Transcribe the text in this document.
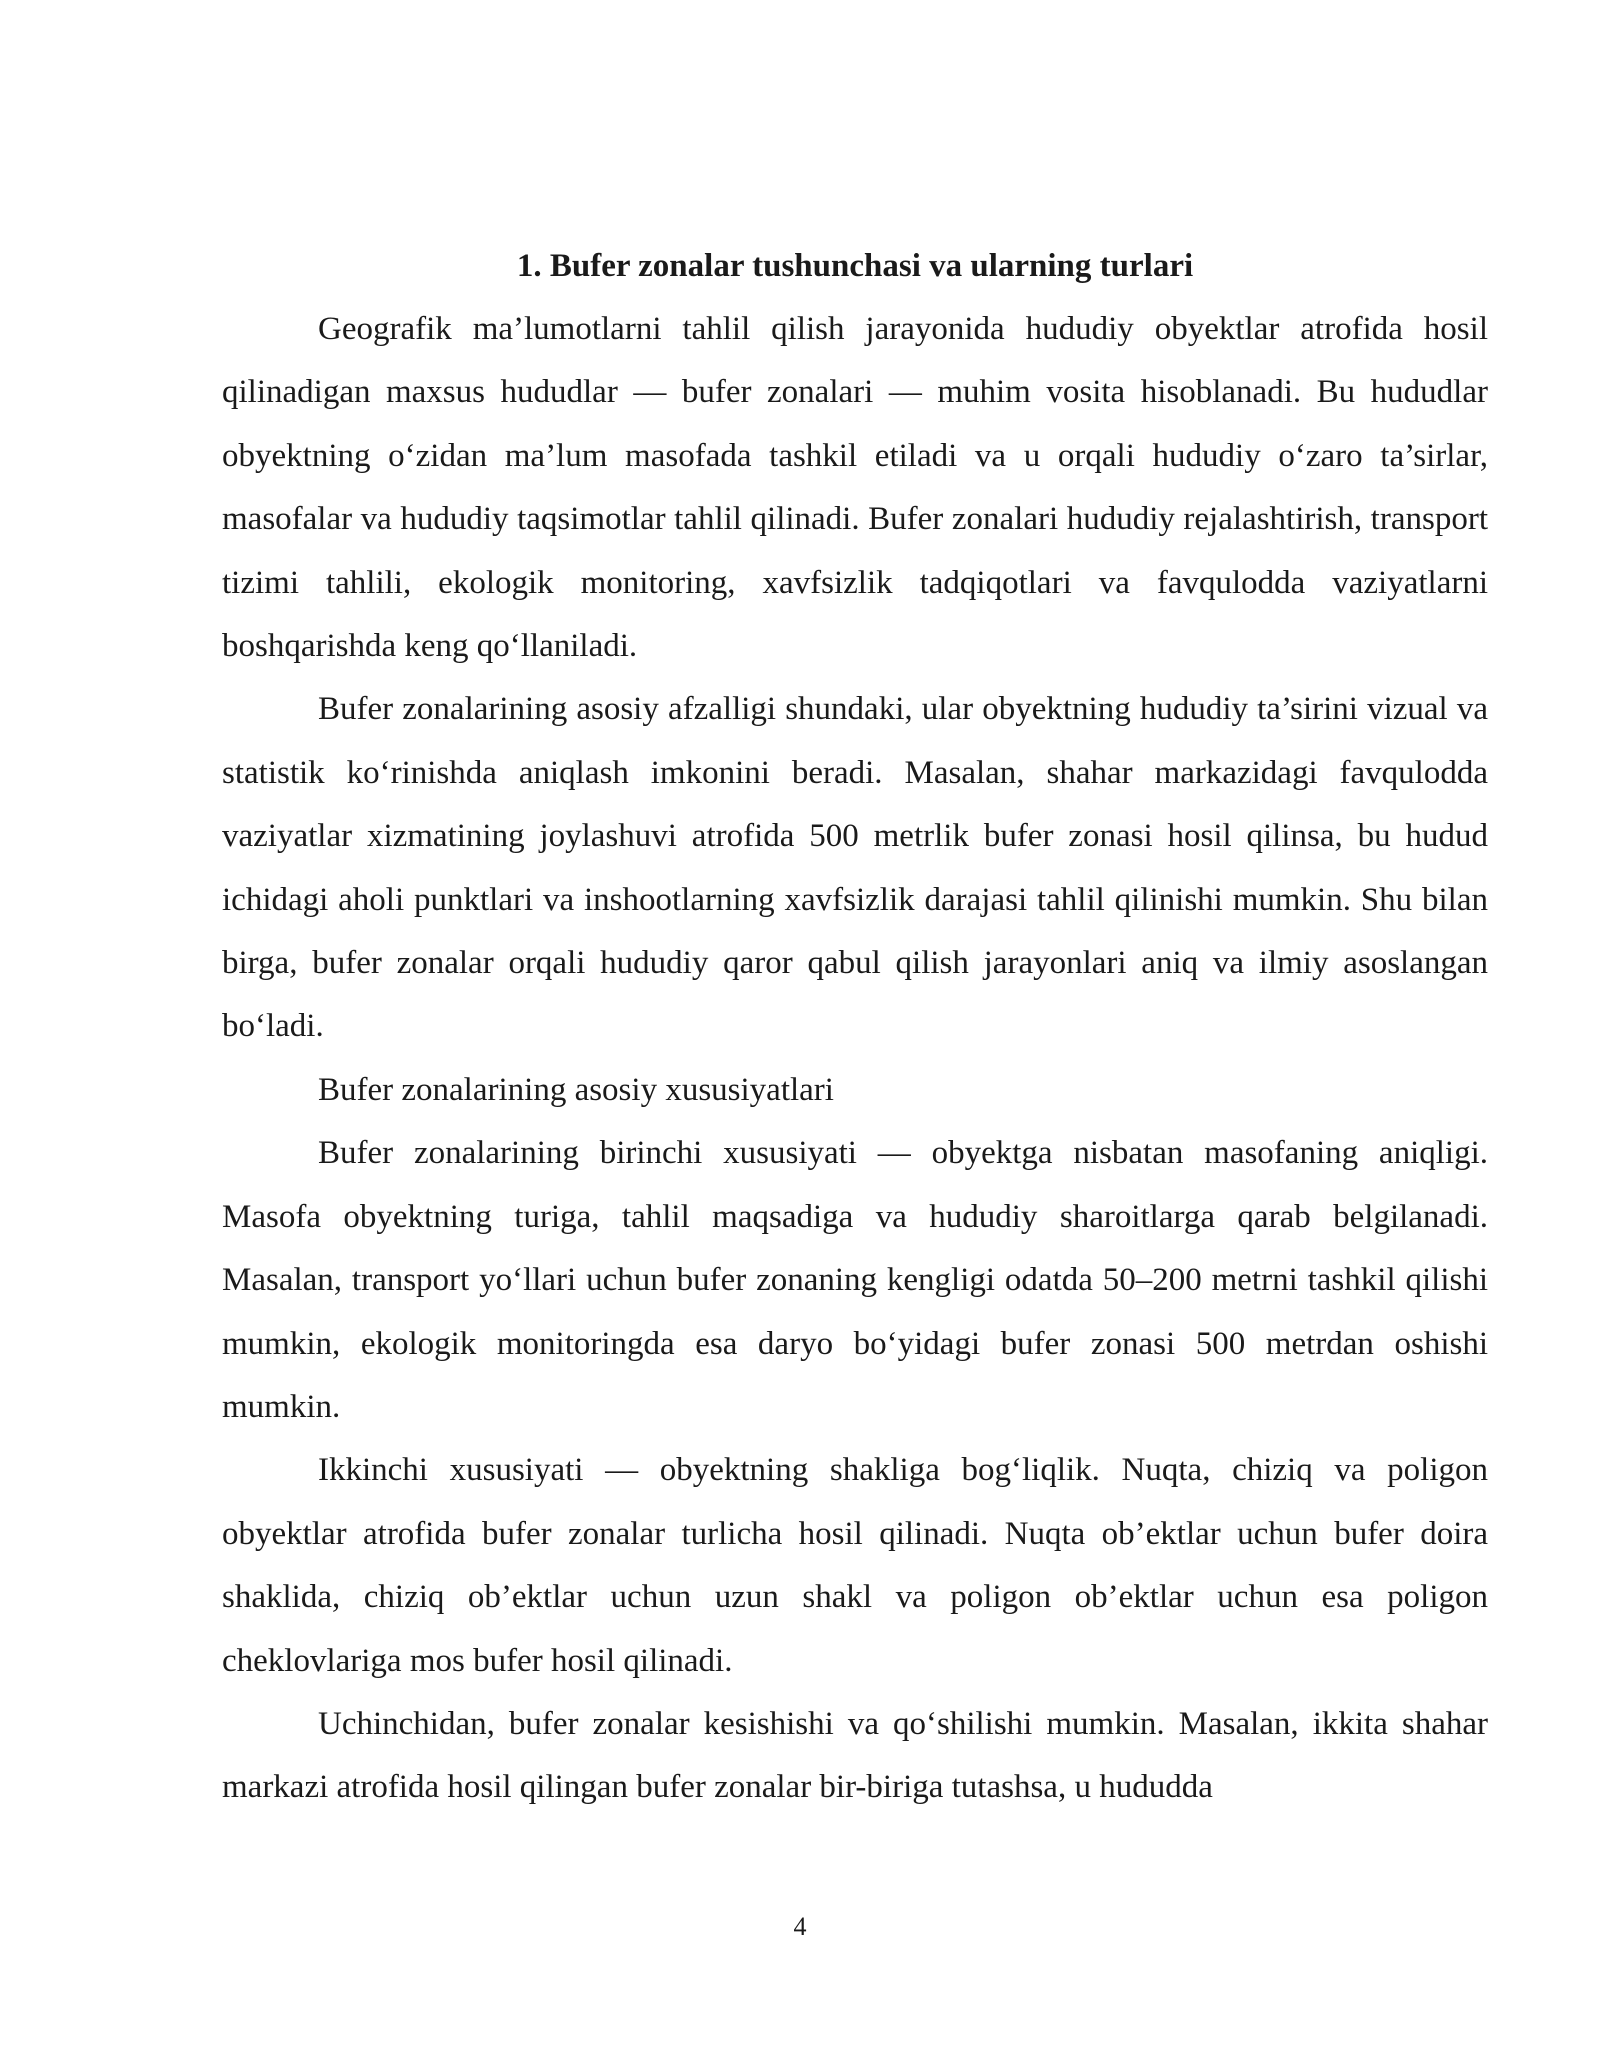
1. Bufer zonalar tushunchasi va ularning turlari

Geografik ma’lumotlarni tahlil qilish jarayonida hududiy obyektlar atrofida hosil qilinadigan maxsus hududlar — bufer zonalari — muhim vosita hisoblanadi. Bu hududlar obyektning o‘zidan ma’lum masofada tashkil etiladi va u orqali hududiy o‘zaro ta’sirlar, masofalar va hududiy taqsimotlar tahlil qilinadi. Bufer zonalari hududiy rejalashtirish, transport tizimi tahlili, ekologik monitoring, xavfsizlik tadqiqotlari va favqulodda vaziyatlarni boshqarishda keng qo‘llaniladi.

Bufer zonalarining asosiy afzalligi shundaki, ular obyektning hududiy ta’sirini vizual va statistik ko‘rinishda aniqlash imkonini beradi. Masalan, shahar markazidagi favqulodda vaziyatlar xizmatining joylashuvi atrofida 500 metrlik bufer zonasi hosil qilinsa, bu hudud ichidagi aholi punktlari va inshootlarning xavfsizlik darajasi tahlil qilinishi mumkin. Shu bilan birga, bufer zonalar orqali hududiy qaror qabul qilish jarayonlari aniq va ilmiy asoslangan bo‘ladi.

Bufer zonalarining asosiy xususiyatlari

Bufer zonalarining birinchi xususiyati — obyektga nisbatan masofaning aniqligi. Masofa obyektning turiga, tahlil maqsadiga va hududiy sharoitlarga qarab belgilanadi. Masalan, transport yo‘llari uchun bufer zonaning kengligi odatda 50–200 metrni tashkil qilishi mumkin, ekologik monitoringda esa daryo bo‘yidagi bufer zonasi 500 metrdan oshishi mumkin.

Ikkinchi xususiyati — obyektning shakliga bog‘liqlik. Nuqta, chiziq va poligon obyektlar atrofida bufer zonalar turlicha hosil qilinadi. Nuqta ob’ektlar uchun bufer doira shaklida, chiziq ob’ektlar uchun uzun shakl va poligon ob’ektlar uchun esa poligon cheklovlariga mos bufer hosil qilinadi.

Uchinchidan, bufer zonalar kesishishi va qo‘shilishi mumkin. Masalan, ikkita shahar markazi atrofida hosil qilingan bufer zonalar bir-biriga tutashsa, u hududda

4
